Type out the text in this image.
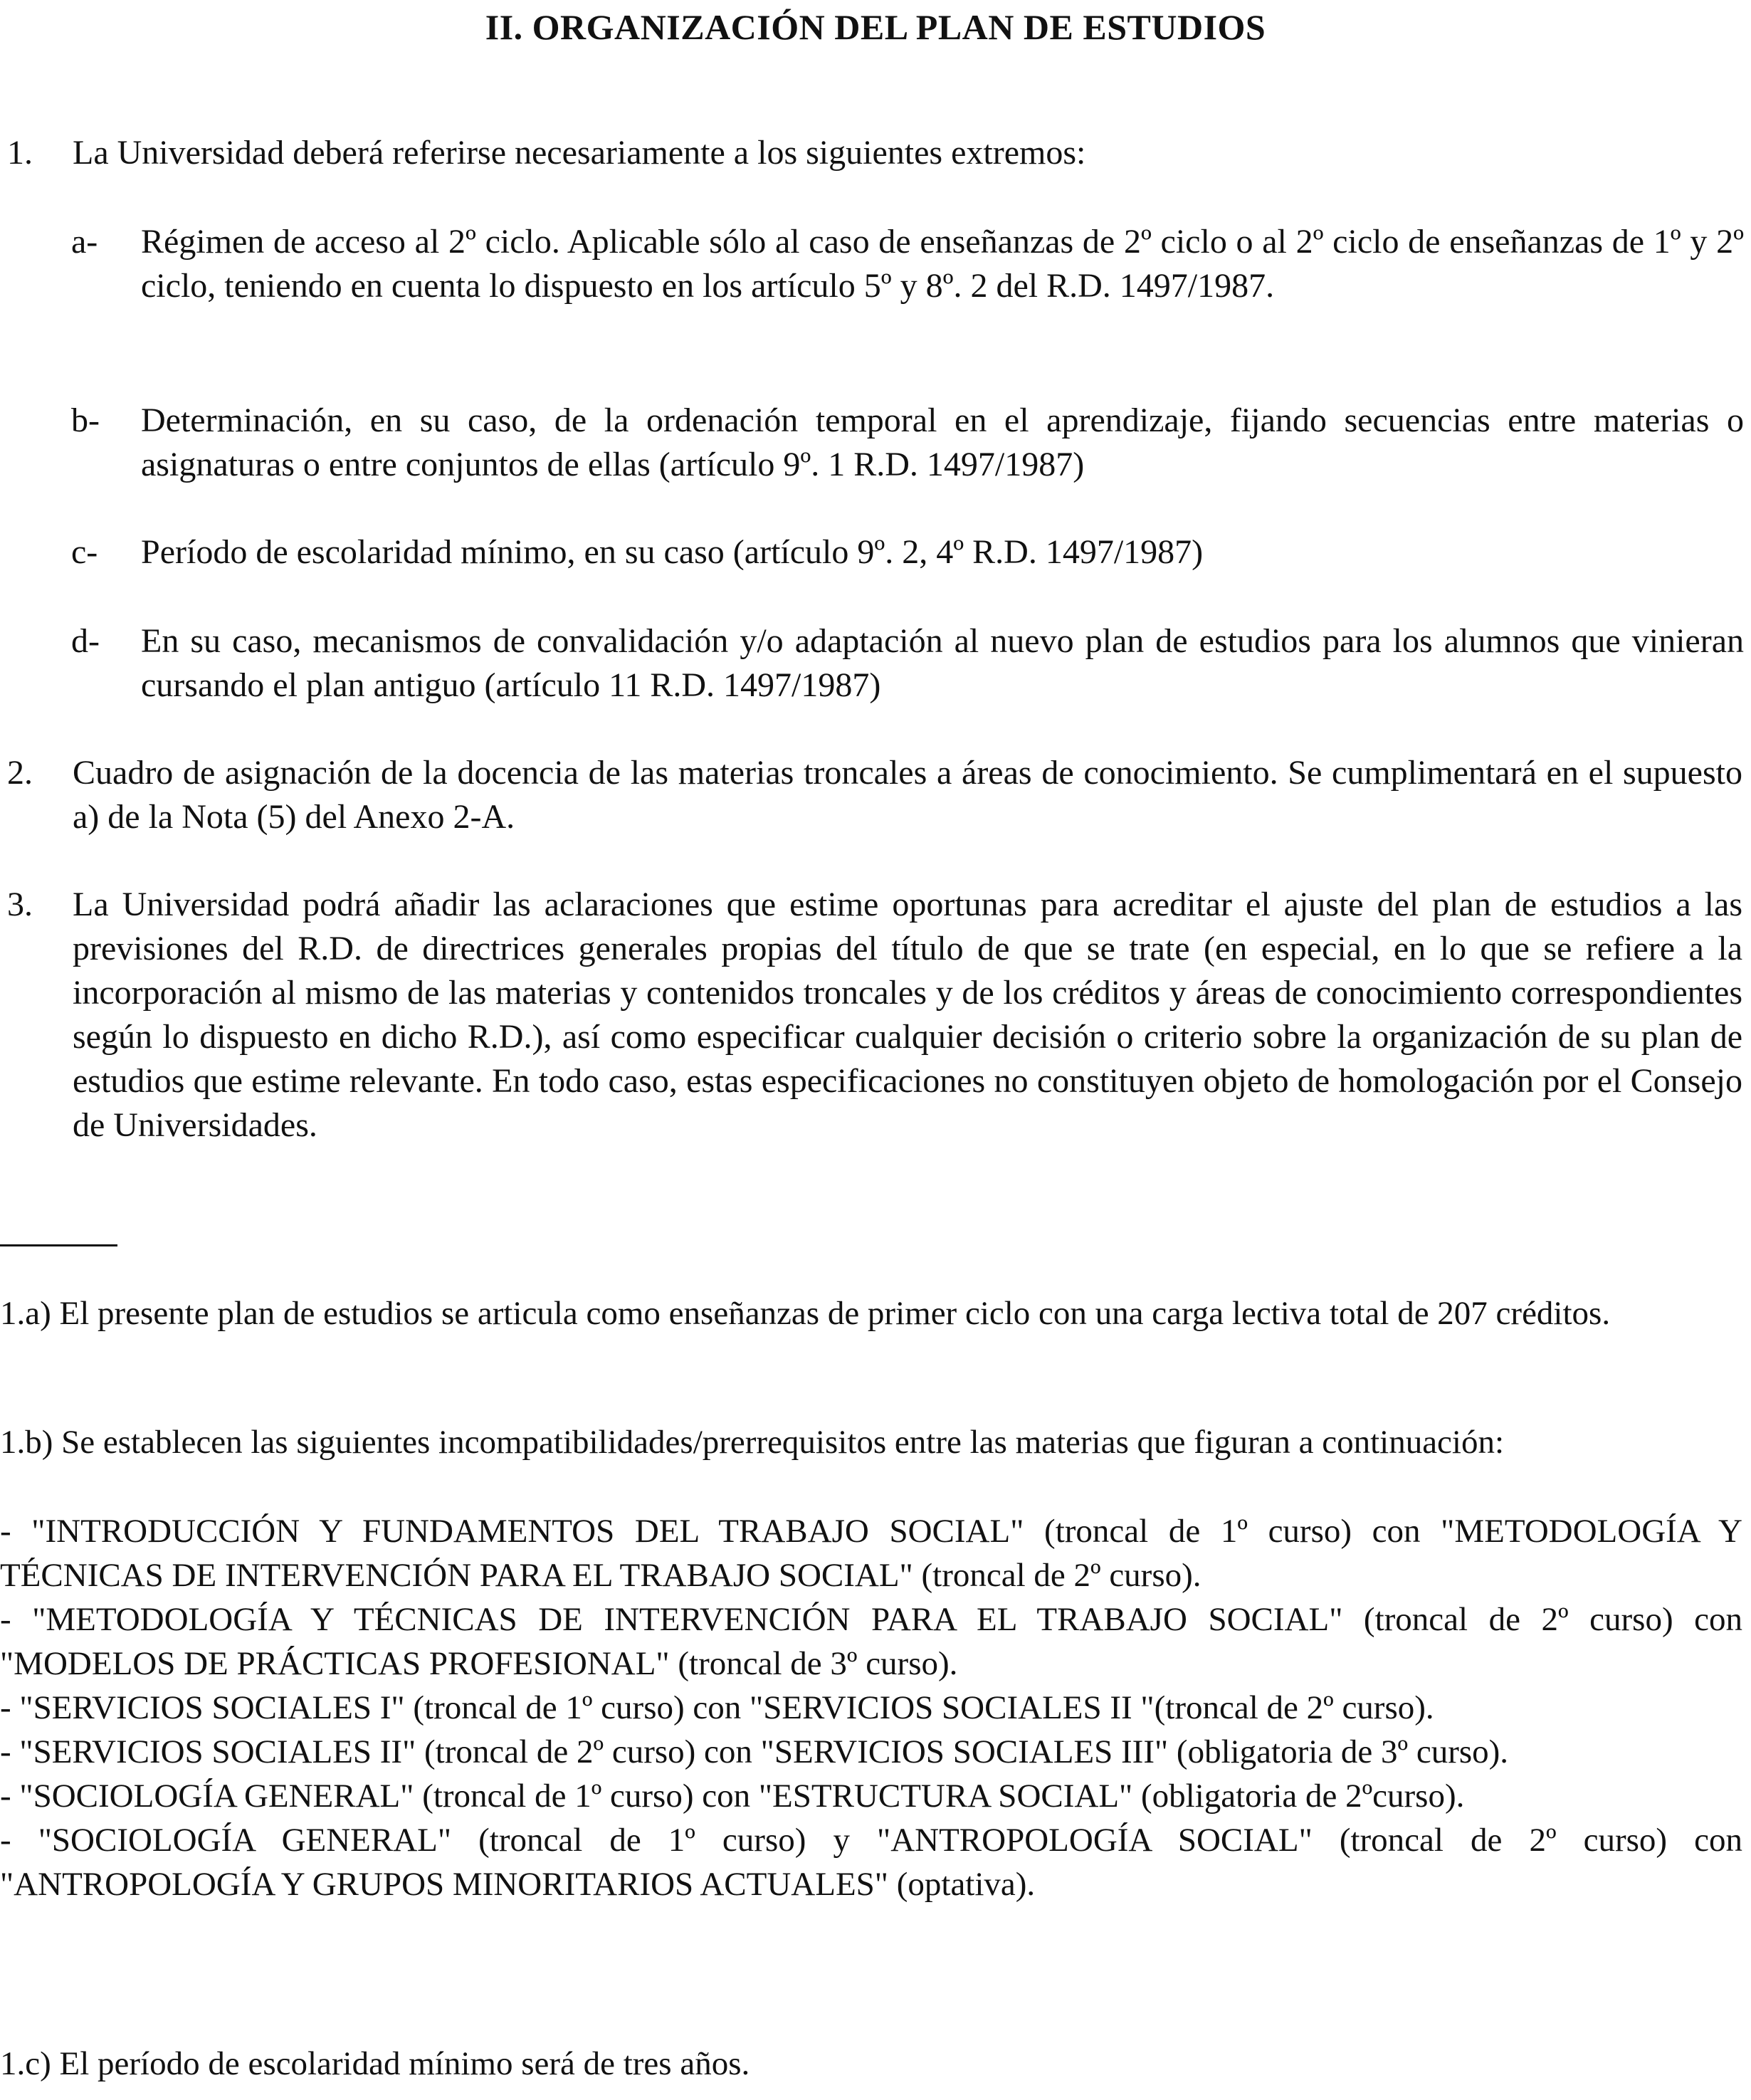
II. ORGANIZACIÓN DEL PLAN DE ESTUDIOS
1. La Universidad deberá referirse necesariamente a los siguientes extremos:
a- Régimen de acceso al 2º ciclo. Aplicable sólo al caso de enseñanzas de 2º ciclo o al 2º ciclo de enseñanzas de 1º y 2º ciclo, teniendo en cuenta lo dispuesto en los artículo 5º y 8º. 2 del R.D. 1497/1987.
b- Determinación, en su caso, de la ordenación temporal en el aprendizaje, fijando secuencias entre materias o asignaturas o entre conjuntos de ellas (artículo 9º. 1 R.D. 1497/1987)
c- Período de escolaridad mínimo, en su caso (artículo 9º. 2, 4º R.D. 1497/1987)
d- En su caso, mecanismos de convalidación y/o adaptación al nuevo plan de estudios para los alumnos que vinieran cursando el plan antiguo (artículo 11 R.D. 1497/1987)
2. Cuadro de asignación de la docencia de las materias troncales a áreas de conocimiento. Se cumplimentará en el supuesto a) de la Nota (5) del Anexo 2-A.
3. La Universidad podrá añadir las aclaraciones que estime oportunas para acreditar el ajuste del plan de estudios a las previsiones del R.D. de directrices generales propias del título de que se trate (en especial, en lo que se refiere a la incorporación al mismo de las materias y contenidos troncales y de los créditos y áreas de conocimiento correspondientes según lo dispuesto en dicho R.D.), así como especificar cualquier decisión o criterio sobre la organización de su plan de estudios que estime relevante. En todo caso, estas especificaciones no constituyen objeto de homologación por el Consejo de Universidades.
1.a) El presente plan de estudios se articula como enseñanzas de primer ciclo con una carga lectiva total de 207 créditos.
1.b) Se establecen las siguientes incompatibilidades/prerrequisitos entre las materias que figuran a continuación:
- "INTRODUCCIÓN Y FUNDAMENTOS DEL TRABAJO SOCIAL" (troncal de 1º curso) con "METODOLOGÍA Y TÉCNICAS DE INTERVENCIÓN PARA EL TRABAJO SOCIAL" (troncal de 2º curso).
- "METODOLOGÍA Y TÉCNICAS DE INTERVENCIÓN PARA EL TRABAJO SOCIAL" (troncal de 2º curso) con "MODELOS DE PRÁCTICAS PROFESIONAL" (troncal de 3º curso).
- "SERVICIOS SOCIALES I" (troncal de 1º curso) con "SERVICIOS SOCIALES II "(troncal de 2º curso).
- "SERVICIOS SOCIALES II" (troncal de 2º curso) con "SERVICIOS SOCIALES III" (obligatoria de 3º curso).
- "SOCIOLOGÍA GENERAL" (troncal de 1º curso) con "ESTRUCTURA SOCIAL" (obligatoria de 2ºcurso).
- "SOCIOLOGÍA GENERAL" (troncal de 1º curso) y "ANTROPOLOGÍA SOCIAL" (troncal de 2º curso) con "ANTROPOLOGÍA Y GRUPOS MINORITARIOS ACTUALES" (optativa).
1.c) El período de escolaridad mínimo será de tres años.
